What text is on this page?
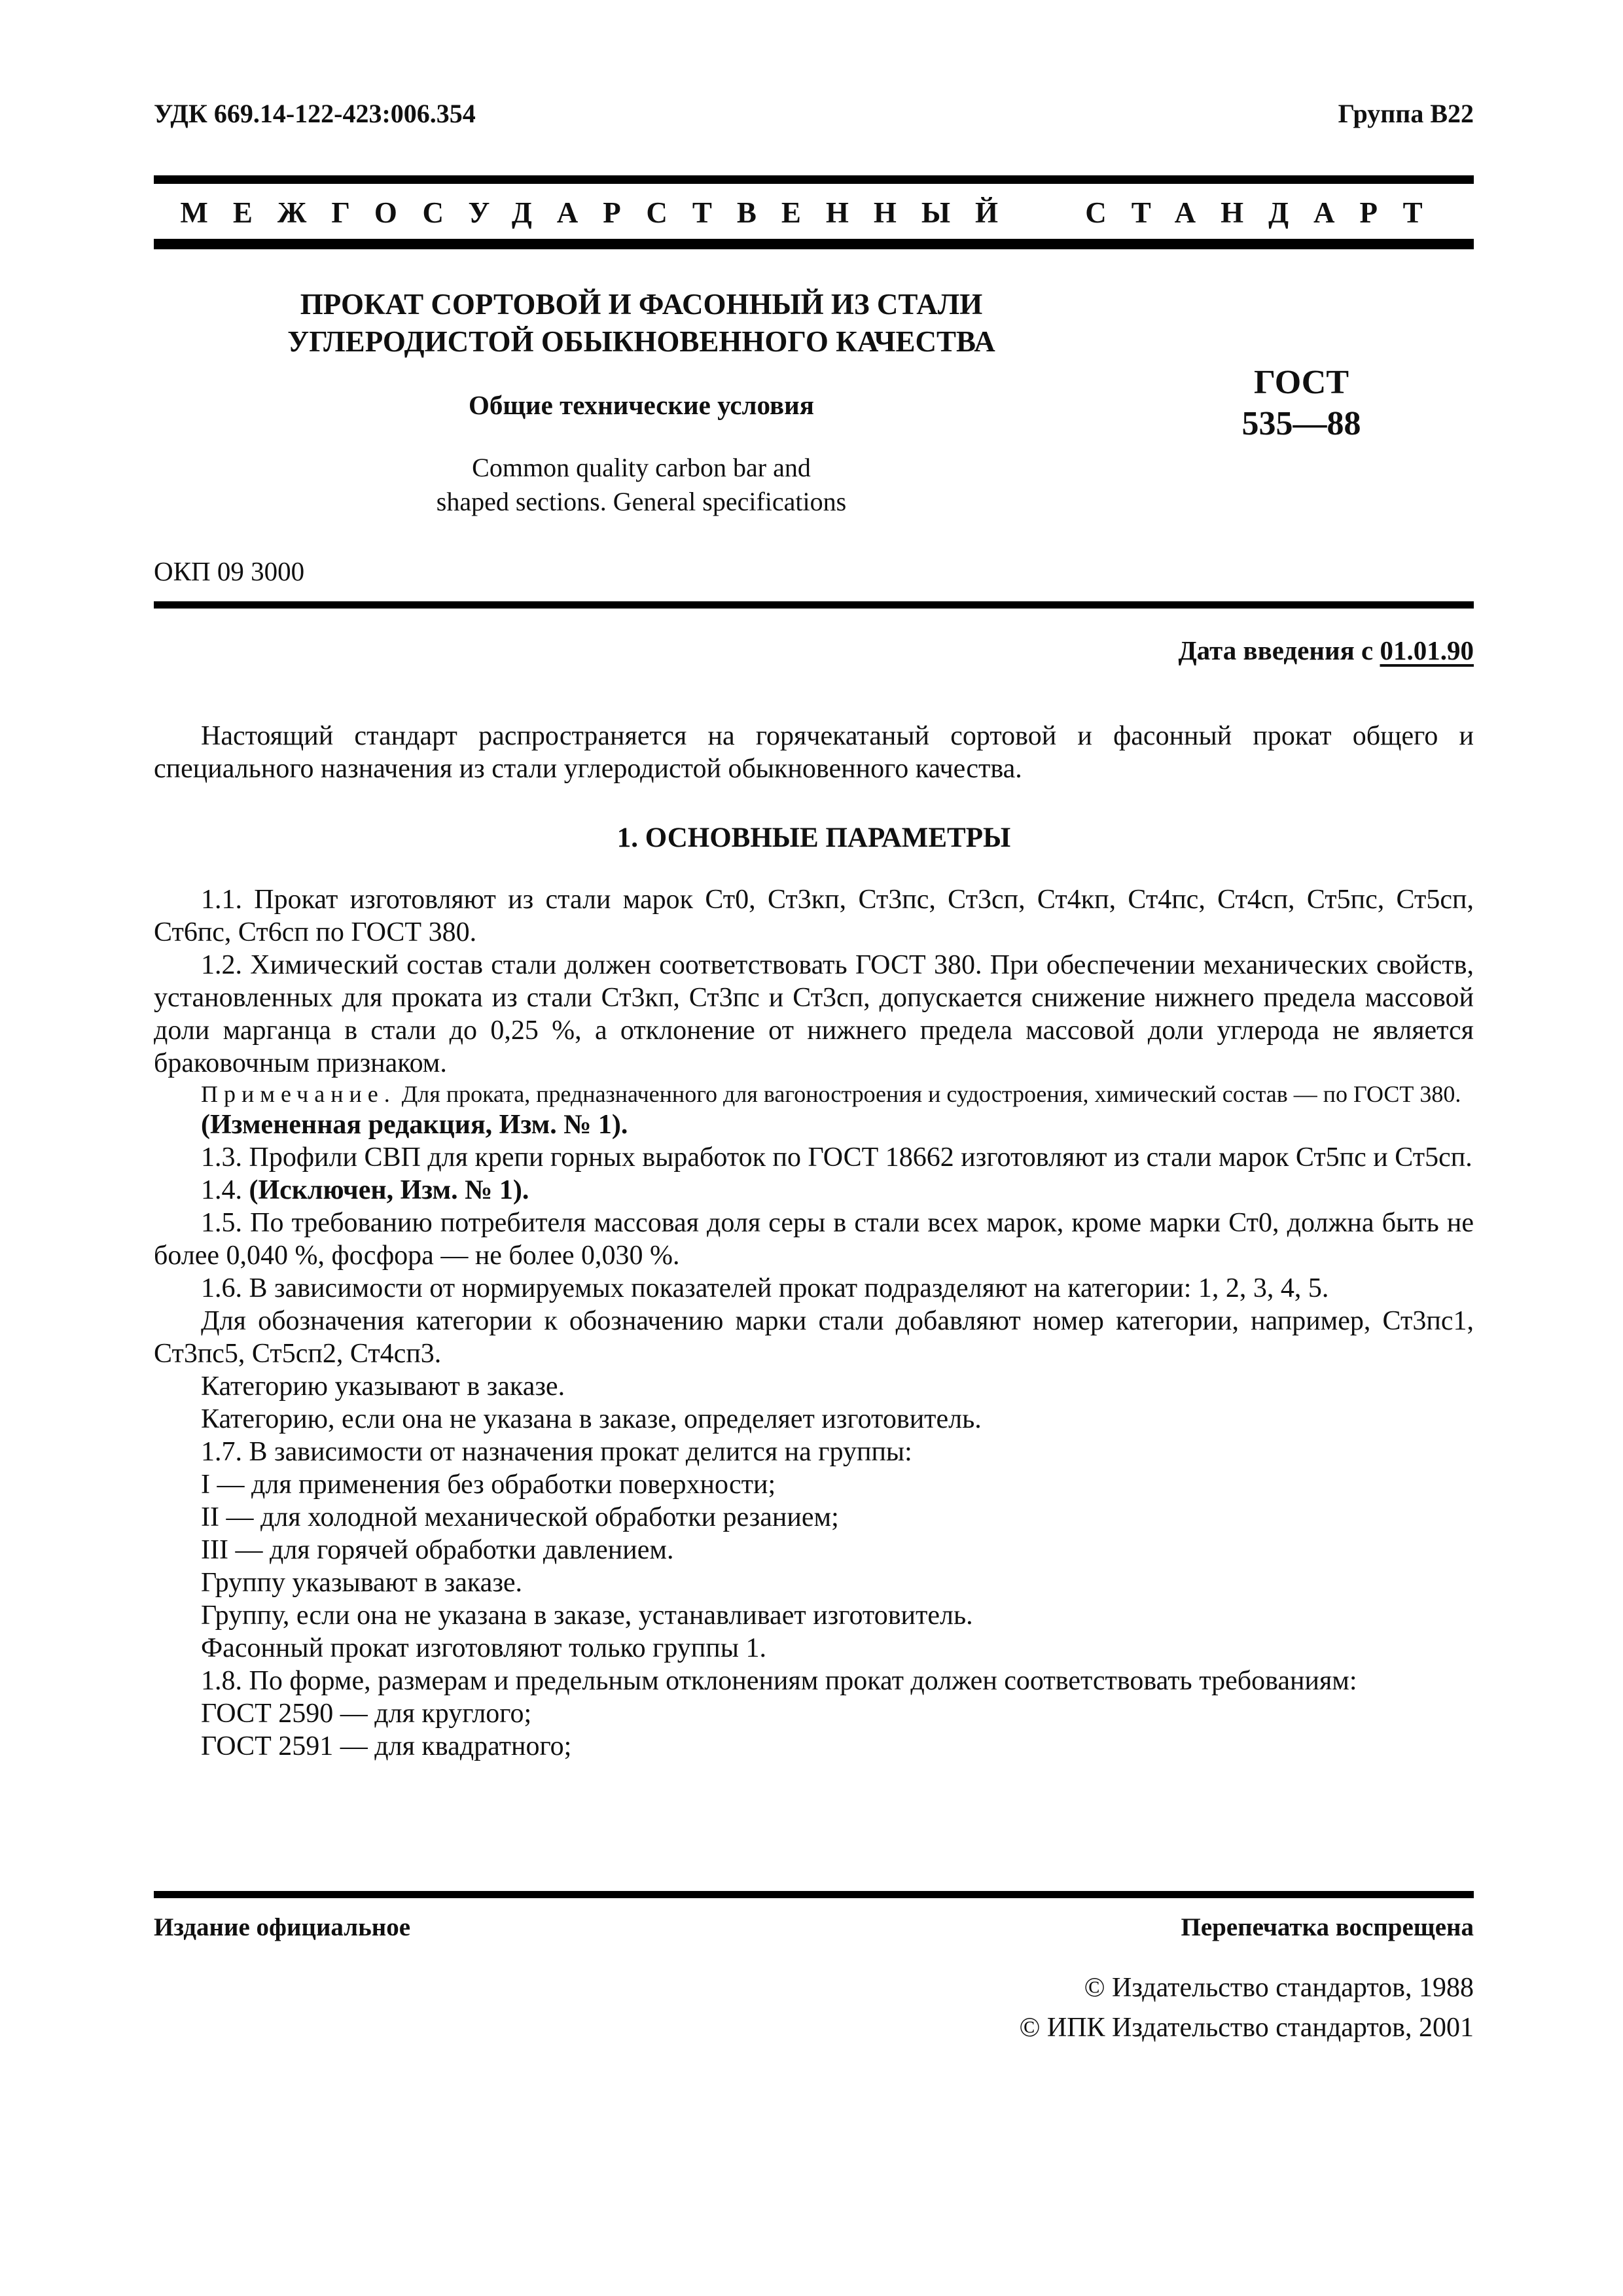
УДК 669.14-122-423:006.354	Группа В22
МЕЖГОСУДАРСТВЕННЫЙ СТАНДАРТ
ПРОКАТ СОРТОВОЙ И ФАСОННЫЙ ИЗ СТАЛИ
УГЛЕРОДИСТОЙ ОБЫКНОВЕННОГО КАЧЕСТВА
Общие технические условия
Common quality carbon bar and
shaped sections. General specifications
ГОСТ
535—88
ОКП 09 3000
Дата введения с 01.01.90

Настоящий стандарт распространяется на горячекатаный сортовой и фасонный прокат общего и специального назначения из стали углеродистой обыкновенного качества.

1. ОСНОВНЫЕ ПАРАМЕТРЫ

1.1. Прокат изготовляют из стали марок Ст0, Ст3кп, Ст3пс, Ст3сп, Ст4кп, Ст4пс, Ст4сп, Ст5пс, Ст5сп, Ст6пс, Ст6сп по ГОСТ 380.

1.2. Химический состав стали должен соответствовать ГОСТ 380. При обеспечении механических свойств, установленных для проката из стали Ст3кп, Ст3пс и Ст3сп, допускается снижение нижнего предела массовой доли марганца в стали до 0,25 %, а отклонение от нижнего предела массовой доли углерода не является браковочным признаком.

Примечание. Для проката, предназначенного для вагоностроения и судостроения, химический состав — по ГОСТ 380.

(Измененная редакция, Изм. № 1).

1.3. Профили СВП для крепи горных выработок по ГОСТ 18662 изготовляют из стали марок Ст5пс и Ст5сп.

1.4. (Исключен, Изм. № 1).

1.5. По требованию потребителя массовая доля серы в стали всех марок, кроме марки Ст0, должна быть не более 0,040 %, фосфора — не более 0,030 %.

1.6. В зависимости от нормируемых показателей прокат подразделяют на категории: 1, 2, 3, 4, 5.

Для обозначения категории к обозначению марки стали добавляют номер категории, например, Ст3пс1, Ст3пс5, Ст5сп2, Ст4сп3.

Категорию указывают в заказе.

Категорию, если она не указана в заказе, определяет изготовитель.

1.7. В зависимости от назначения прокат делится на группы:

I — для применения без обработки поверхности;

II — для холодной механической обработки резанием;

III — для горячей обработки давлением.

Группу указывают в заказе.

Группу, если она не указана в заказе, устанавливает изготовитель.

Фасонный прокат изготовляют только группы 1.

1.8. По форме, размерам и предельным отклонениям прокат должен соответствовать требованиям:

ГОСТ 2590 — для круглого;

ГОСТ 2591 — для квадратного;

Издание официальное	Перепечатка воспрещена
© Издательство стандартов, 1988
© ИПК Издательство стандартов, 2001
